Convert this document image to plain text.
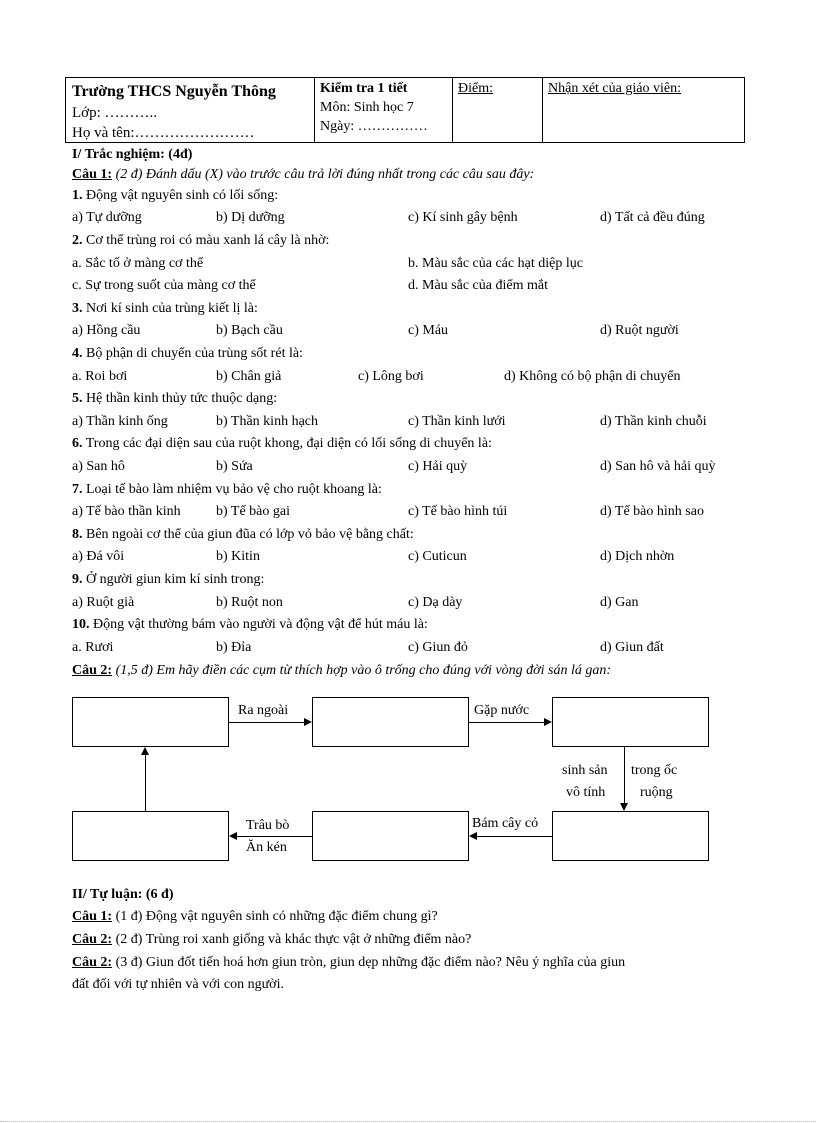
Trường THCS Nguyễn Thông
Lớp: ………..
Họ và tên:……………………
Kiểm tra 1 tiết
Môn: Sinh học 7
Ngày: ……………
Điểm:	Nhận xét của giáo viên:
I/ Trắc nghiệm: (4đ)
Câu 1: (2 đ) Đánh dấu (X) vào trước câu trả lời đúng nhất trong các câu sau đây:
1. Động vật nguyên sinh có lối sống:
a) Tự dưỡng	b) Dị dưỡng	c) Kí sinh gây bệnh	d) Tất cả đều đúng
2. Cơ thể trùng roi có màu xanh lá cây là nhờ:
a. Sắc tố ở màng cơ thể	b. Màu sắc của các hạt diệp lục
c. Sự trong suốt của màng cơ thể	d. Màu sắc của điểm mắt
3. Nơi kí sinh của trùng kiết lị là:
a) Hồng cầu	b) Bạch cầu	c) Máu	d) Ruột người
4. Bộ phận di chuyển của trùng sốt rét là:
a. Roi bơi	b) Chân giả	c) Lông bơi	d) Không có bộ phận di chuyển
5. Hệ thần kinh thủy tức thuộc dạng:
a) Thần kinh ống	b) Thần kinh hạch	c) Thần kinh lưới	d) Thần kinh chuỗi
6. Trong các đại diện sau của ruột khong, đại diện có lối sống di chuyển là:
a) San hô	b) Sứa	c) Hải quỳ	d) San hô và hải quỳ
7. Loại tế bào làm nhiệm vụ bảo vệ cho ruột khoang là:
a) Tế bào thần kinh	b) Tế bào gai	c) Tế bào hình túi	d) Tế bào hình sao
8. Bên ngoài cơ thể của giun đũa có lớp vỏ bảo vệ bằng chất:
a) Đá vôi	b) Kitin	c) Cuticun	d) Dịch nhờn
9. Ở người giun kim kí sinh trong:
a) Ruột già	b) Ruột non	c) Dạ dày	d) Gan
10. Động vật thường bám vào người và động vật để hút máu là:
a. Rươi	b) Đỉa	c) Giun đỏ	d) Giun đất
Câu 2: (1,5 đ) Em hãy điền các cụm từ thích hợp vào ô trống cho đúng với vòng đời sán lá gan:
Ra ngoài	Gặp nước
sinh sản
vô tính
trong ốc
ruộng
Bám cây cỏ
Trâu bò
Ăn kén
II/ Tự luận: (6 đ)
Câu 1: (1 đ) Động vật nguyên sinh có những đặc điểm chung gì?
Câu 2: (2 đ) Trùng roi xanh giống và khác thực vật ở những điểm nào?
Câu 2: (3 đ) Giun đốt tiến hoá hơn giun tròn, giun dẹp những đặc điểm nào? Nêu ý nghĩa của giun
đất đối với tự nhiên và với con người.
